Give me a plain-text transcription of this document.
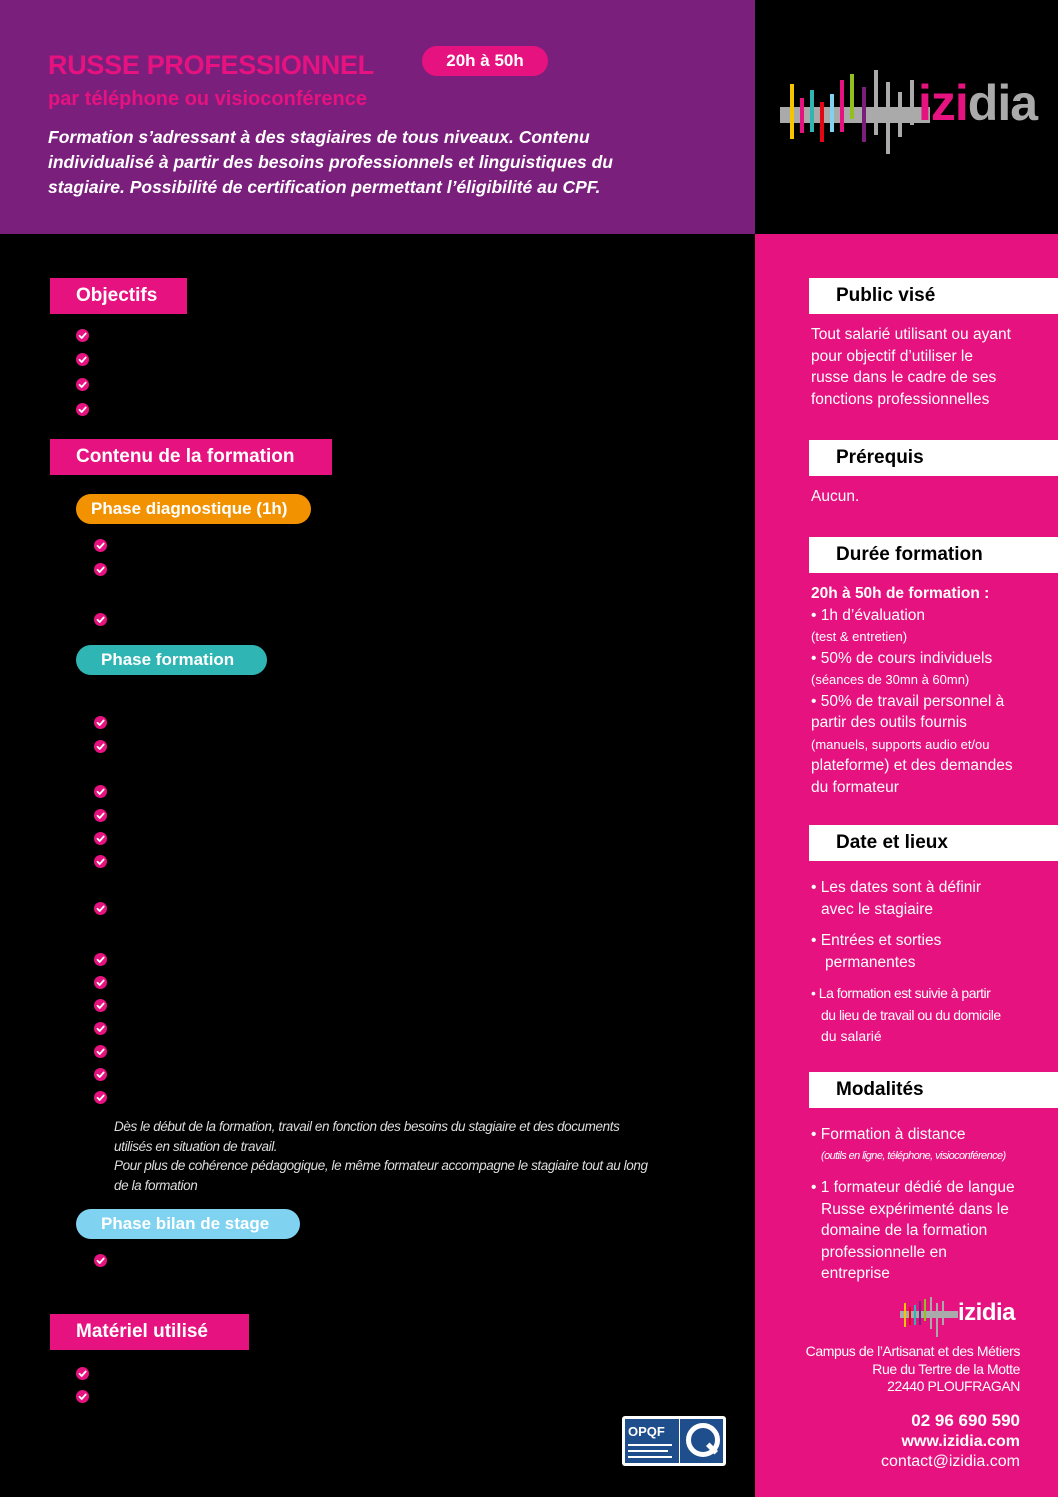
izidia
RUSSE PROFESSIONNEL
par téléphone ou visioconférence
20h à 50h
Formation s’adressant à des stagiaires de tous niveaux. Contenu
individualisé à partir des besoins professionnels et linguistiques du
stagiaire. Possibilité de certification permettant l’éligibilité au CPF.
Public visé
Tout salarié utilisant ou ayant
pour objectif d’utiliser le
russe dans le cadre de ses
fonctions professionnelles
Prérequis
Aucun.
Durée formation
20h à 50h de formation :
• 1h d’évaluation
(test & entretien)
• 50% de cours individuels
(séances de 30mn à 60mn)
• 50% de travail personnel à
partir des outils fournis
(manuels, supports audio et/ou
plateforme) et des demandes
du formateur
Date et lieux
• Les dates sont à définir
avec le stagiaire
• Entrées et sorties
permanentes
• La formation est suivie à partir
du lieu de travail ou du domicile
du salarié
Modalités
• Formation à distance
(outils en ligne, téléphone, visioconférence)
• 1 formateur dédié de langue
Russe expérimenté dans le
domaine de la formation
professionnelle en
entreprise
izidia
Campus de l’Artisanat et des Métiers
Rue du Tertre de la Motte
22440 PLOUFRAGAN
02 96 690 590
www.izidia.com
contact@izidia.com
Objectifs
Contenu de la formation
Phase diagnostique (1h)
Phase formation
Phase bilan de stage
Dès le début de la formation, travail en fonction des besoins du stagiaire et des documents
utilisés en situation de travail.
Pour plus de cohérence pédagogique, le même formateur accompagne le stagiaire tout au long
de la formation
Matériel utilisé
OPQF
